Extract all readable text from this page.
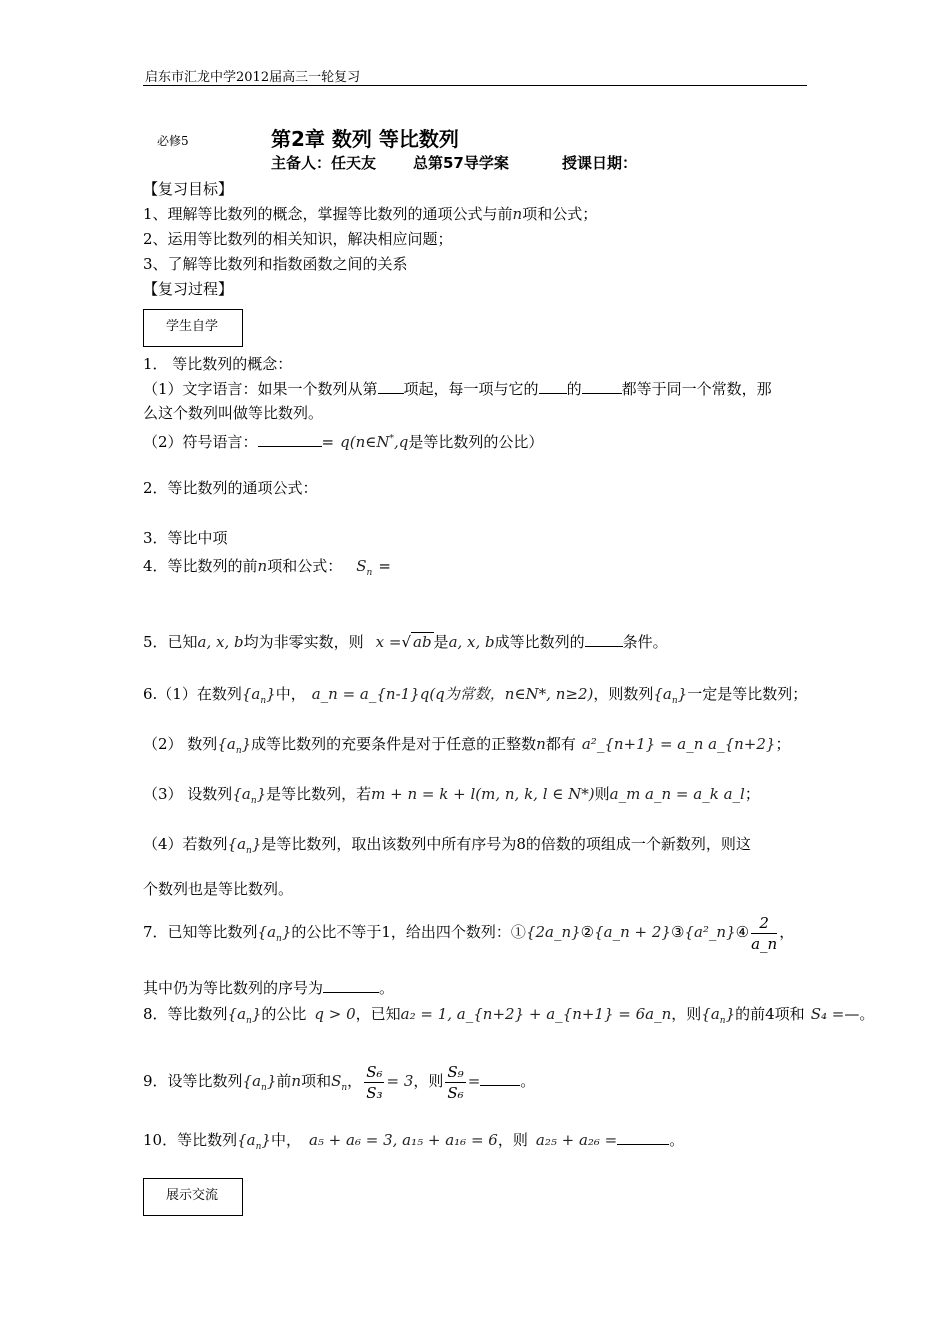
启东市汇龙中学2012届高三一轮复习
必修5	第2章 数列 等比数列
主备人：任天友 总第57导学案	授课日期：
【复习目标】
1、理解等比数列的概念，掌握等比数列的通项公式与前n项和公式；
2、运用等比数列的相关知识，解决相应问题；
3、了解等比数列和指数函数之间的关系
【复习过程】
学生自学
1． 等比数列的概念：
（1）文字语言：如果一个数列从第 项起，每一项与它的 的	都等于同一个常数，那
么这个数列叫做等比数列。
（2）符号语言：	= q(n∈N*,q是等比数列的公比）
2．等比数列的通项公式：
3．等比中项
4．等比数列的前n项和公式： $S_n$ =
5．已知a, x, b均为非零实数，则 x =√ ab 是a, x, b成等比数列的	条件。
6.（1）在数列$\{a_n\}$中， a_n = a_{n-1}q(q为常数，n∈N*, n≥2)，则数列$\{a_n\}$一定是等比数列；
（2） 数列$\{a_n\}$成等比数列的充要条件是对于任意的正整数n都有 a²_{n+1} = a_n a_{n+2}；
（3） 设数列$\{a_n\}$是等比数列，若m + n = k + l(m, n, k, l ∈ N*)则a_m a_n = a_k a_l；
（4）若数列$\{a_n\}$是等比数列，取出该数列中所有序号为8的倍数的项组成一个新数列，则这
个数列也是等比数列。
7．已知等比数列$\{a_n\}$的公比不等于1，给出四个数列：①{2a_n}②{a_n + 2}③{a²_n}④ $\frac{2}{a\_n}$ ，
其中仍为等比数列的序号为	。
8．等比数列$\{a_n\}$的公比 q > 0，已知a₂ = 1, a_{n+2} + a_{n+1} = 6a_n，则$\{a_n\}$的前4项和 S₄ =—。
9．设等比数列$\{a_n\}$前n项和$S_n$， $\frac{\text{S₆}}{\text{S₃}} = 3$，则 $\frac{\text{S₉}}{\text{S₆}}$ =	。
10．等比数列$\{a_n\}$中， a₅ + a₆ = 3, a₁₅ + a₁₆ = 6，则 a₂₅ + a₂₆ =	。
展示交流
